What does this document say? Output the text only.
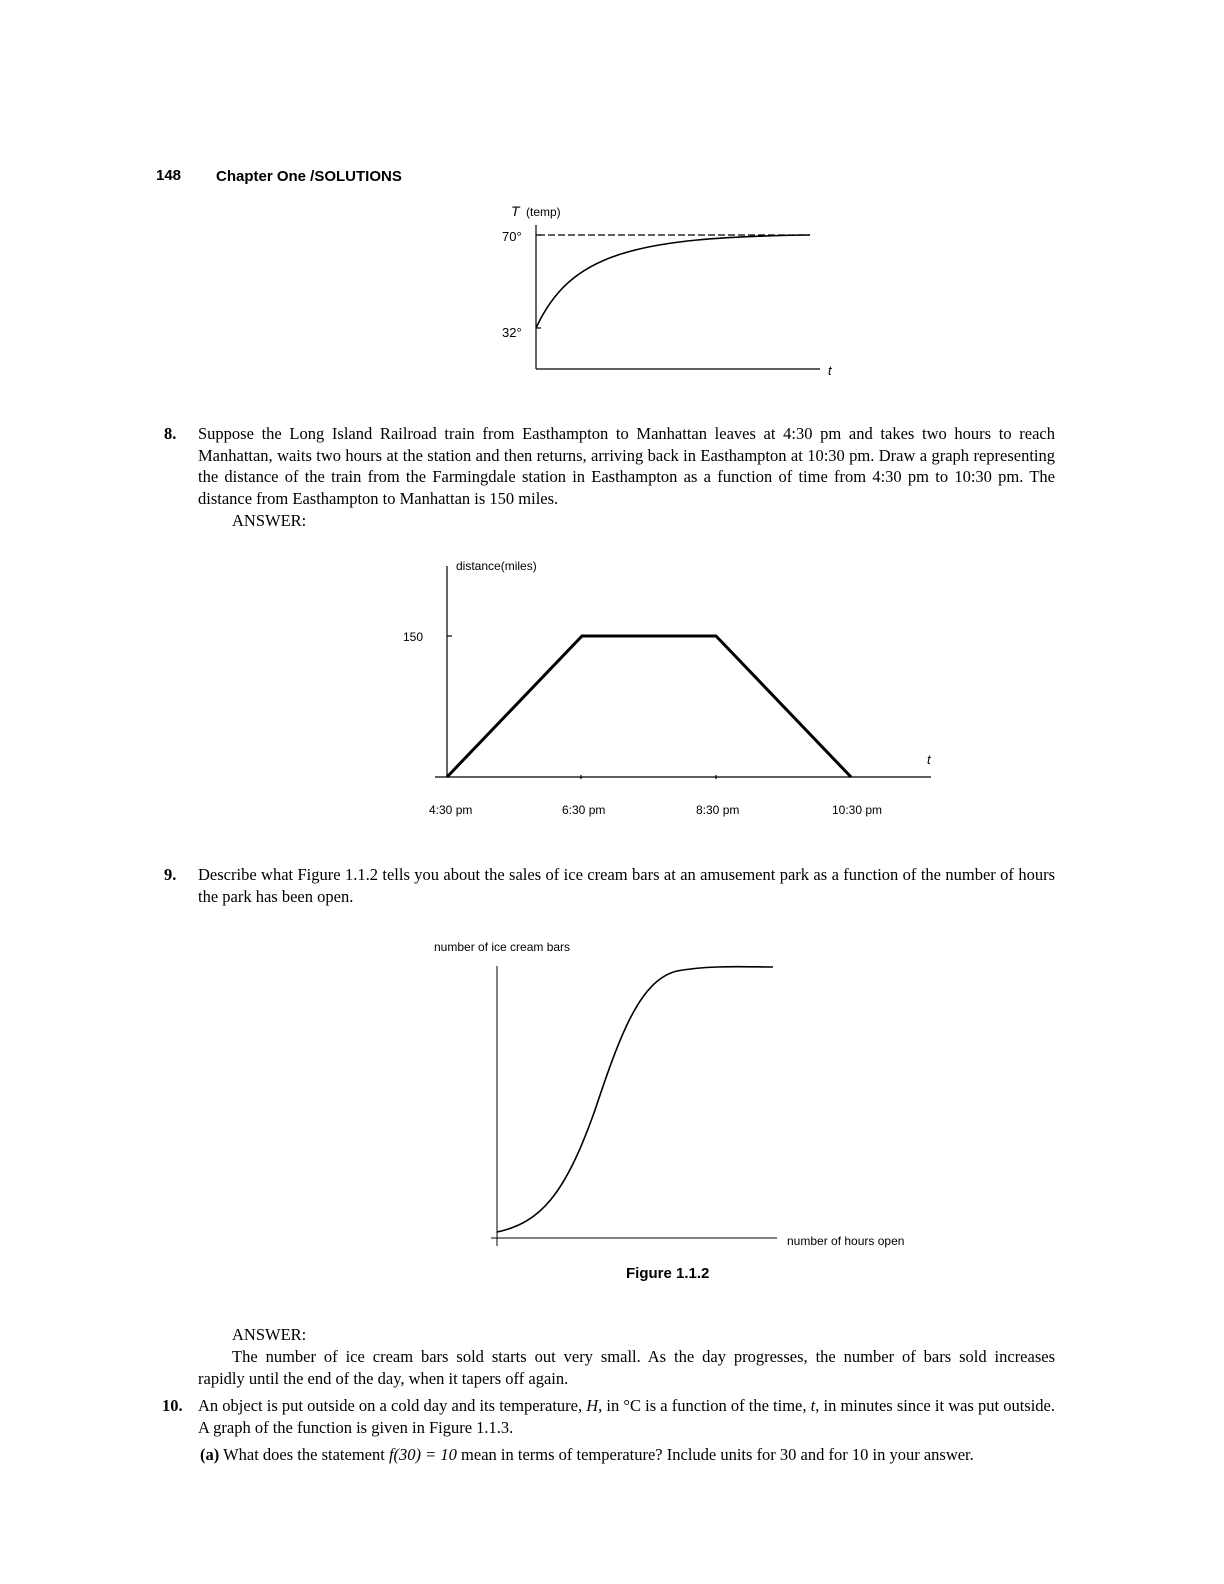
148 Chapter One /SOLUTIONS
T (temp)
70°
32°
t
8. Suppose the Long Island Railroad train from Easthampton to Manhattan leaves at 4:30 pm and takes two hours to reach Manhattan, waits two hours at the station and then returns, arriving back in Easthampton at 10:30 pm. Draw a graph representing the distance of the train from the Farmingdale station in Easthampton as a function of time from 4:30 pm to 10:30 pm. The distance from Easthampton to Manhattan is 150 miles.
ANSWER:
distance(miles)
150
t
4:30 pm	6:30 pm	8:30 pm	10:30 pm
9. Describe what Figure 1.1.2 tells you about the sales of ice cream bars at an amusement park as a function of the number of hours the park has been open.
number of ice cream bars
number of hours open
Figure 1.1.2
ANSWER:
The number of ice cream bars sold starts out very small. As the day progresses, the number of bars sold increases
rapidly until the end of the day, when it tapers off again.
10. An object is put outside on a cold day and its temperature, H, in °C is a function of the time, t, in minutes since it was put outside. A graph of the function is given in Figure 1.1.3.
(a) What does the statement f(30) = 10 mean in terms of temperature? Include units for 30 and for 10 in your answer.
